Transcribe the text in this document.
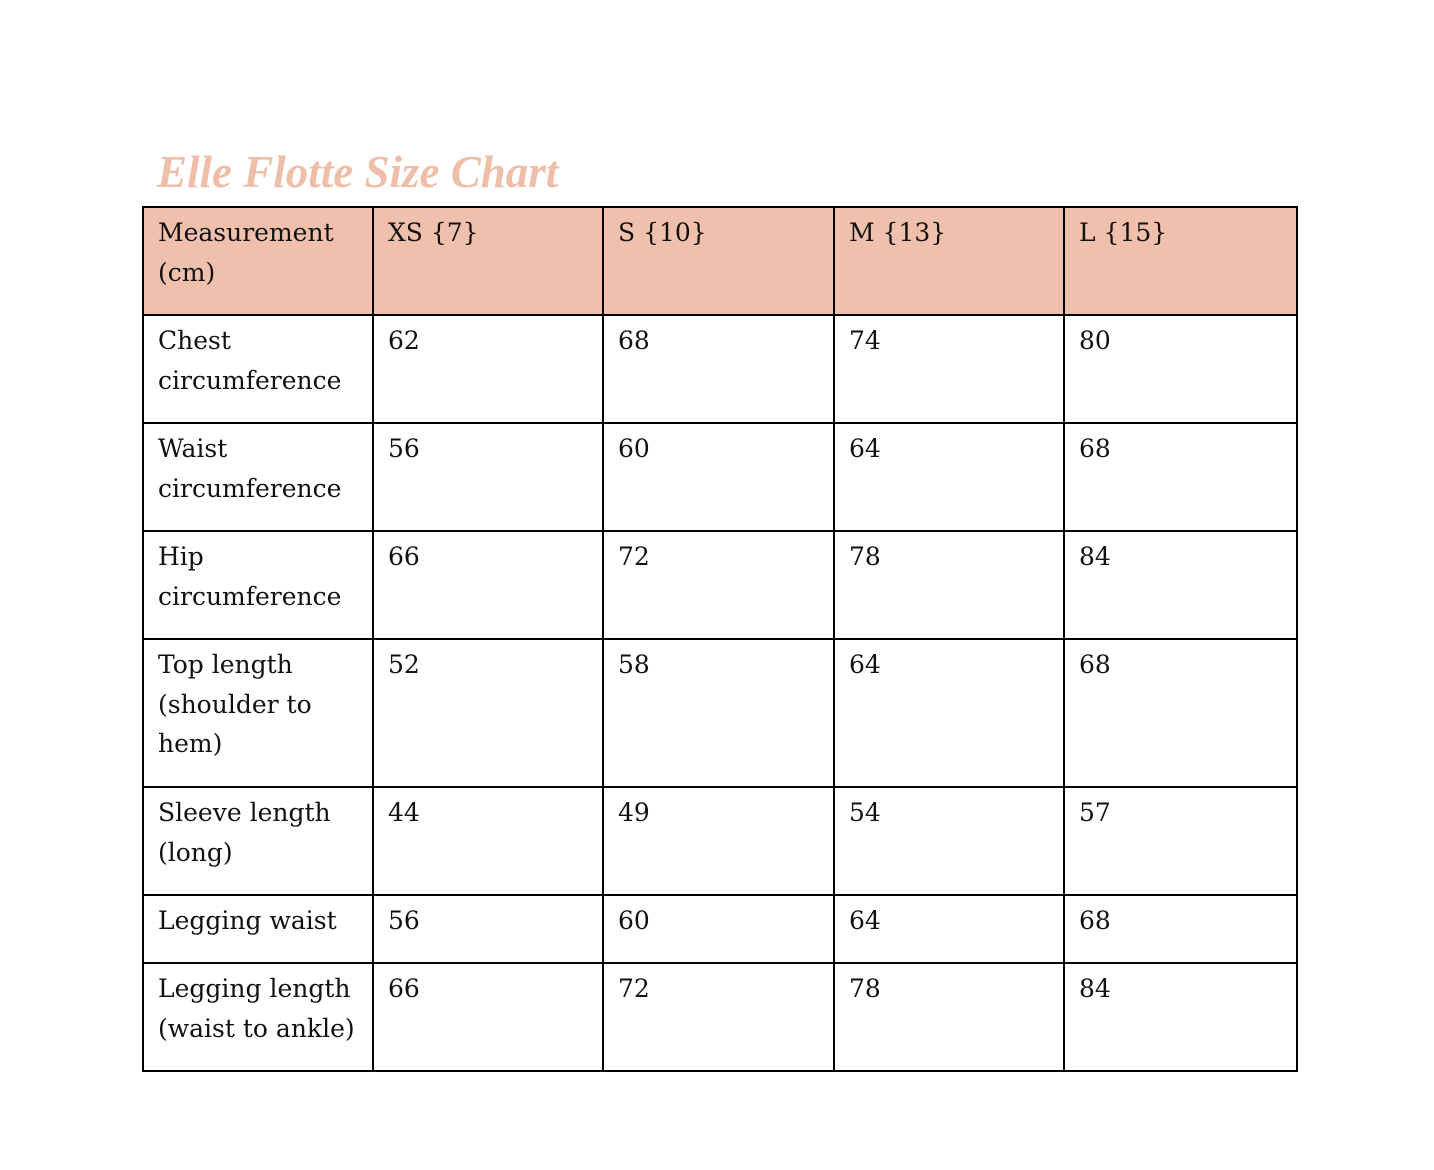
Elle Flotte Size Chart
Measurement (cm)	XS {7}	S {10}	M {13}	L {15}
Chest circumference	62	68	74	80
Waist circumference	56	60	64	68
Hip circumference	66	72	78	84
Top length (shoulder to hem)	52	58	64	68
Sleeve length (long)	44	49	54	57
Legging waist	56	60	64	68
Legging length (waist to ankle)	66	72	78	84
